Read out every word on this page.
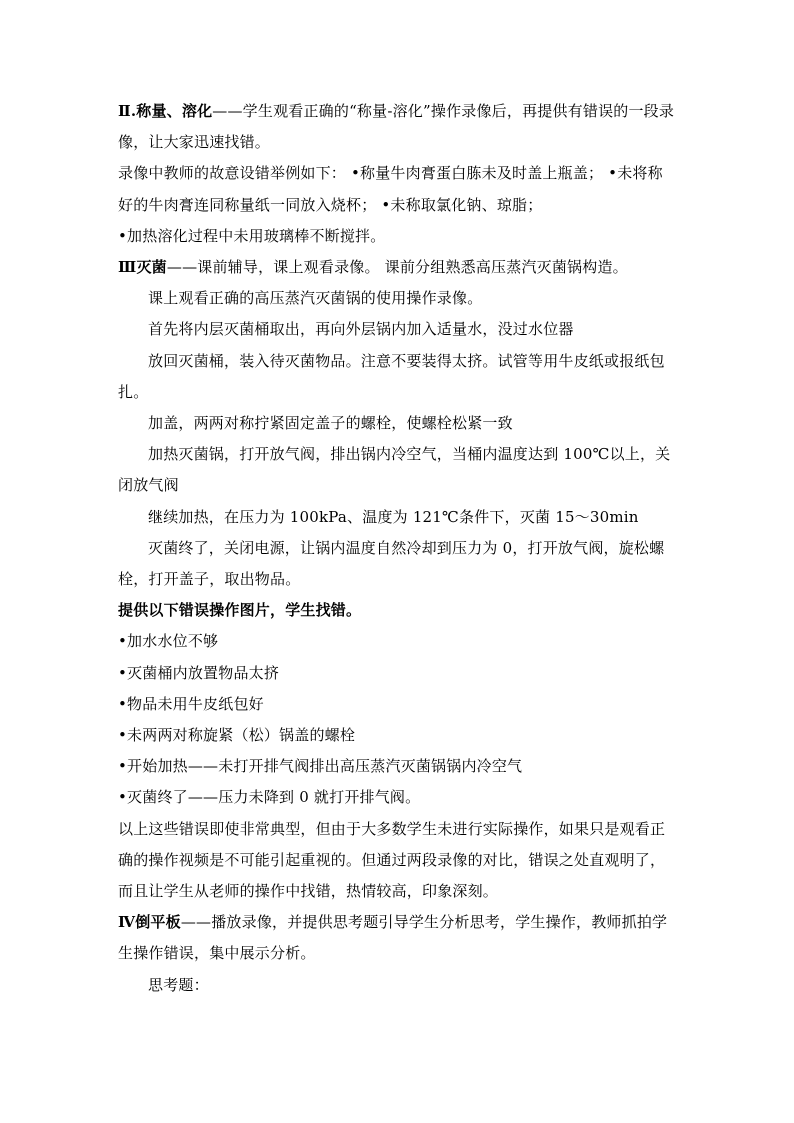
Ⅱ.称量、溶化——学生观看正确的“称量-溶化”操作录像后，再提供有错误的一段录像，让大家迅速找错。

录像中教师的故意设错举例如下： •称量牛肉膏蛋白胨未及时盖上瓶盖； •未将称好的牛肉膏连同称量纸一同放入烧杯； •未称取氯化钠、琼脂；

•加热溶化过程中未用玻璃棒不断搅拌。

Ⅲ灭菌——课前辅导，课上观看录像。 课前分组熟悉高压蒸汽灭菌锅构造。

课上观看正确的高压蒸汽灭菌锅的使用操作录像。

首先将内层灭菌桶取出，再向外层锅内加入适量水，没过水位器

放回灭菌桶，装入待灭菌物品。注意不要装得太挤。试管等用牛皮纸或报纸包扎。

加盖，两两对称拧紧固定盖子的螺栓，使螺栓松紧一致

加热灭菌锅，打开放气阀，排出锅内冷空气，当桶内温度达到 100℃以上，关闭放气阀

继续加热，在压力为 100kPa、温度为 121℃条件下，灭菌 15～30min

灭菌终了，关闭电源，让锅内温度自然冷却到压力为 0，打开放气阀，旋松螺栓，打开盖子，取出物品。

提供以下错误操作图片，学生找错。

•加水水位不够

•灭菌桶内放置物品太挤

•物品未用牛皮纸包好

•未两两对称旋紧（松）锅盖的螺栓

•开始加热——未打开排气阀排出高压蒸汽灭菌锅锅内冷空气

•灭菌终了——压力未降到 0 就打开排气阀。

以上这些错误即使非常典型，但由于大多数学生未进行实际操作，如果只是观看正确的操作视频是不可能引起重视的。但通过两段录像的对比，错误之处直观明了，而且让学生从老师的操作中找错，热情较高，印象深刻。

Ⅳ倒平板——播放录像，并提供思考题引导学生分析思考，学生操作，教师抓拍学生操作错误，集中展示分析。

思考题：
